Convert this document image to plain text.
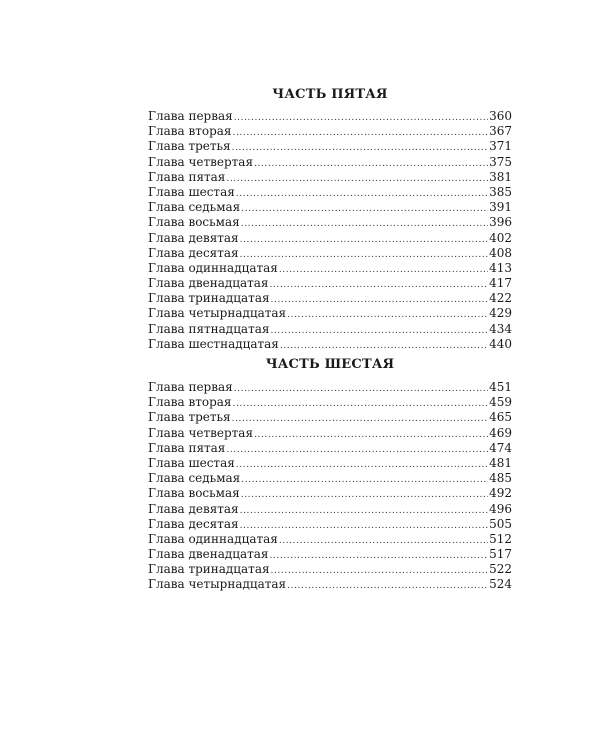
ЧАСТЬ ПЯТАЯ
Глава первая .....	360
Глава вторая .....	367
Глава третья .....	371
Глава четвертая .....	375
Глава пятая .....	381
Глава шестая .....	385
Глава седьмая .....	391
Глава восьмая .....	396
Глава девятая .....	402
Глава десятая .....	408
Глава одиннадцатая .....	413
Глава двенадцатая .....	417
Глава тринадцатая .....	422
Глава четырнадцатая .....	429
Глава пятнадцатая .....	434
Глава шестнадцатая .....	440
ЧАСТЬ ШЕСТАЯ
Глава первая .....	451
Глава вторая .....	459
Глава третья .....	465
Глава четвертая .....	469
Глава пятая .....	474
Глава шестая .....	481
Глава седьмая .....	485
Глава восьмая .....	492
Глава девятая .....	496
Глава десятая .....	505
Глава одиннадцатая .....	512
Глава двенадцатая .....	517
Глава тринадцатая .....	522
Глава четырнадцатая .....	524
